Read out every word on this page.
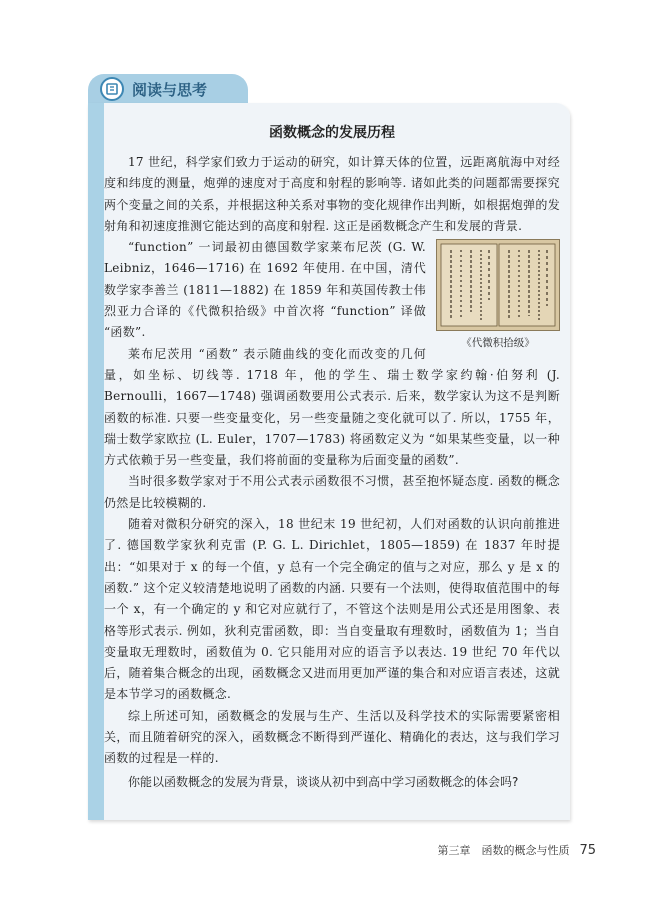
阅读与思考
函数概念的发展历程

17 世纪，科学家们致力于运动的研究，如计算天体的位置，远距离航海中对经度和纬度的测量，炮弹的速度对于高度和射程的影响等. 诸如此类的问题都需要探究两个变量之间的关系，并根据这种关系对事物的变化规律作出判断，如根据炮弹的发射角和初速度推测它能达到的高度和射程. 这正是函数概念产生和发展的背景.

《代微积拾级》

“function” 一词最初由德国数学家莱布尼茨 (G. W. Leibniz，1646—1716) 在 1692 年使用. 在中国，清代数学家李善兰 (1811—1882) 在 1859 年和英国传教士伟烈亚力合译的《代微积拾级》中首次将 “function” 译做 “函数”.

莱布尼茨用 “函数” 表示随曲线的变化而改变的几何量，如坐标、切线等. 1718 年，他的学生、瑞士数学家约翰·伯努利 (J. Bernoulli，1667—1748) 强调函数要用公式表示. 后来，数学家认为这不是判断函数的标准. 只要一些变量变化，另一些变量随之变化就可以了. 所以，1755 年，瑞士数学家欧拉 (L. Euler，1707—1783) 将函数定义为 “如果某些变量，以一种方式依赖于另一些变量，我们将前面的变量称为后面变量的函数”.

当时很多数学家对于不用公式表示函数很不习惯，甚至抱怀疑态度. 函数的概念仍然是比较模糊的.

随着对微积分研究的深入，18 世纪末 19 世纪初，人们对函数的认识向前推进了. 德国数学家狄利克雷 (P. G. L. Dirichlet，1805—1859) 在 1837 年时提出：“如果对于 x 的每一个值，y 总有一个完全确定的值与之对应，那么 y 是 x 的函数.” 这个定义较清楚地说明了函数的内涵. 只要有一个法则，使得取值范围中的每一个 x，有一个确定的 y 和它对应就行了，不管这个法则是用公式还是用图象、表格等形式表示. 例如，狄利克雷函数，即：当自变量取有理数时，函数值为 1；当自变量取无理数时，函数值为 0. 它只能用对应的语言予以表达. 19 世纪 70 年代以后，随着集合概念的出现，函数概念又进而用更加严谨的集合和对应语言表述，这就是本节学习的函数概念.

综上所述可知，函数概念的发展与生产、生活以及科学技术的实际需要紧密相关，而且随着研究的深入，函数概念不断得到严谨化、精确化的表达，这与我们学习函数的过程是一样的.

你能以函数概念的发展为背景，谈谈从初中到高中学习函数概念的体会吗?
第三章　函数的概念与性质 75
